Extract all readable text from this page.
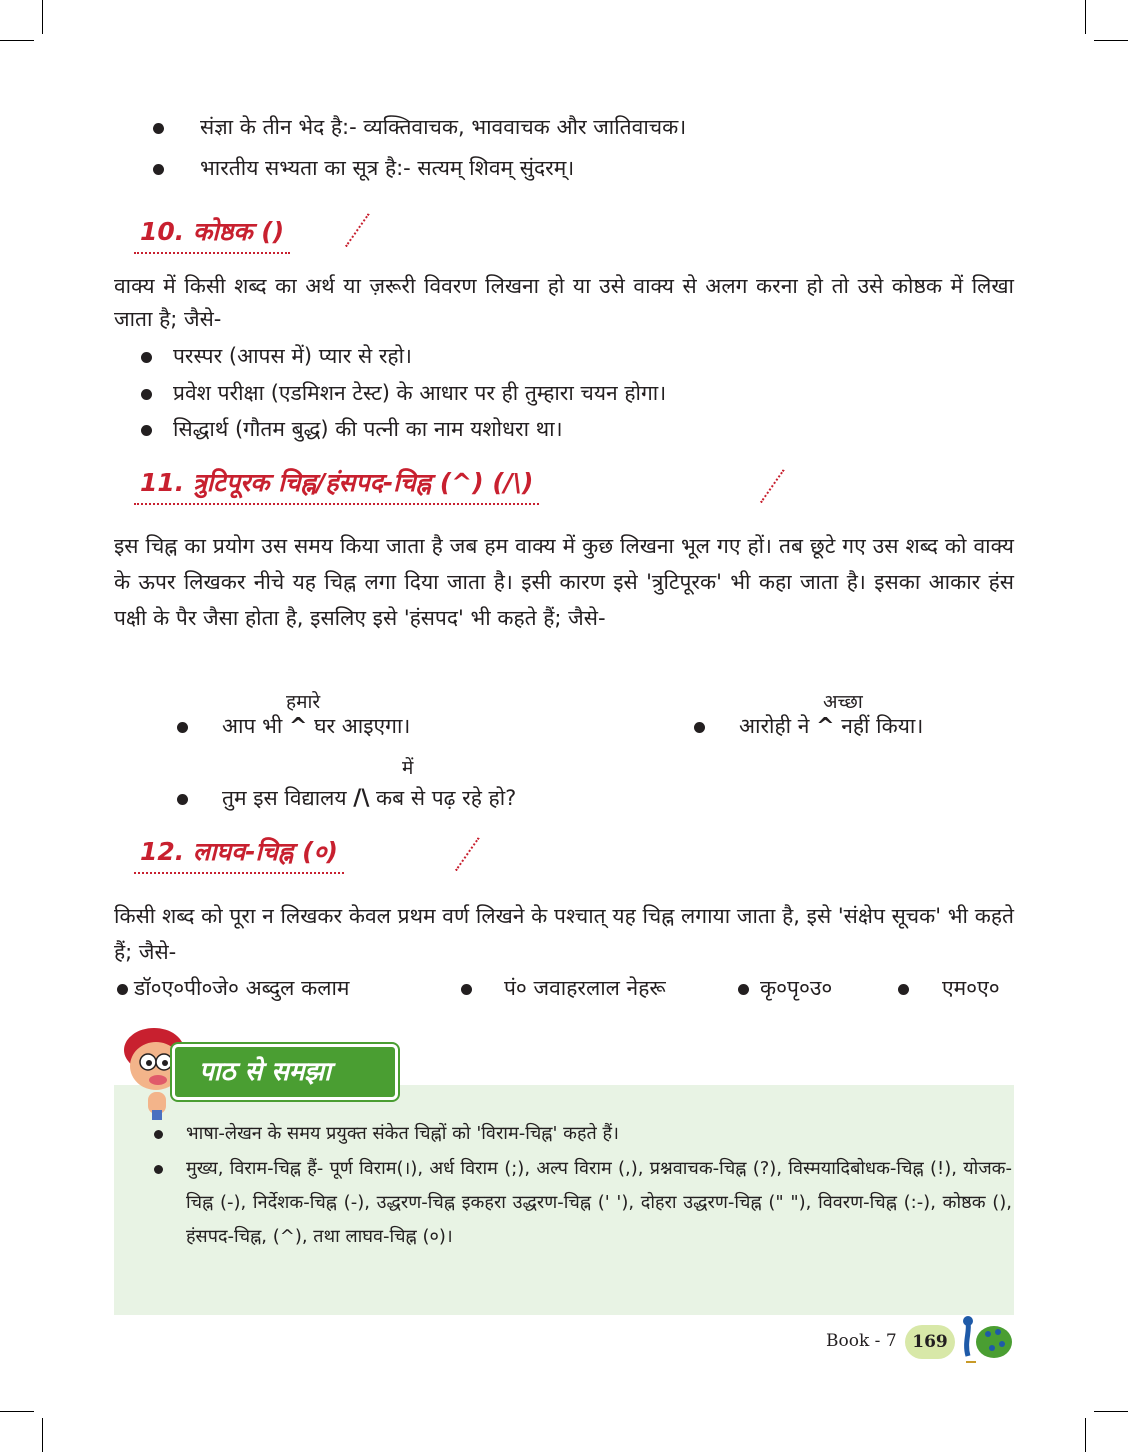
संज्ञा के तीन भेद है:- व्यक्तिवाचक, भाववाचक और जातिवाचक।
भारतीय सभ्यता का सूत्र है:- सत्यम् शिवम् सुंदरम्।
10. कोष्ठक ()
वाक्य में किसी शब्द का अर्थ या ज़रूरी विवरण लिखना हो या उसे वाक्य से अलग करना हो तो उसे कोष्ठक में लिखा जाता है; जैसे-
परस्पर (आपस में) प्यार से रहो।
प्रवेश परीक्षा (एडमिशन टेस्ट) के आधार पर ही तुम्हारा चयन होगा।
सिद्धार्थ (गौतम बुद्ध) की पत्नी का नाम यशोधरा था।
11. त्रुटिपूरक चिह्न/हंसपद-चिह्न (^) (/\)
इस चिह्न का प्रयोग उस समय किया जाता है जब हम वाक्य में कुछ लिखना भूल गए हों। तब छूटे गए उस शब्द को वाक्य के ऊपर लिखकर नीचे यह चिह्न लगा दिया जाता है। इसी कारण इसे 'त्रुटिपूरक' भी कहा जाता है। इसका आकार हंस पक्षी के पैर जैसा होता है, इसलिए इसे 'हंसपद' भी कहते हैं; जैसे-
हमारे
आप भी ^ घर आइएगा।
अच्छा
आरोही ने ^ नहीं किया।
में
तुम इस विद्यालय /\ कब से पढ़ रहे हो?
12. लाघव-चिह्न (०)
किसी शब्द को पूरा न लिखकर केवल प्रथम वर्ण लिखने के पश्चात् यह चिह्न लगाया जाता है, इसे 'संक्षेप सूचक' भी कहते हैं; जैसे-
डॉ०ए०पी०जे० अब्दुल कलाम	पं० जवाहरलाल नेहरू	कृ०पृ०उ०	एम०ए०
पाठ से समझा
भाषा-लेखन के समय प्रयुक्त संकेत चिह्नों को 'विराम-चिह्न' कहते हैं।
मुख्य, विराम-चिह्न हैं- पूर्ण विराम(।), अर्ध विराम (;), अल्प विराम (,), प्रश्नवाचक-चिह्न (?), विस्मयादिबोधक-चिह्न (!), योजक-चिह्न (-), निर्देशक-चिह्न (-), उद्धरण-चिह्न इकहरा उद्धरण-चिह्न (' '), दोहरा उद्धरण-चिह्न (" "), विवरण-चिह्न (:-), कोष्ठक (), हंसपद-चिह्न, (^), तथा लाघव-चिह्न (०)।
Book - 7 169
